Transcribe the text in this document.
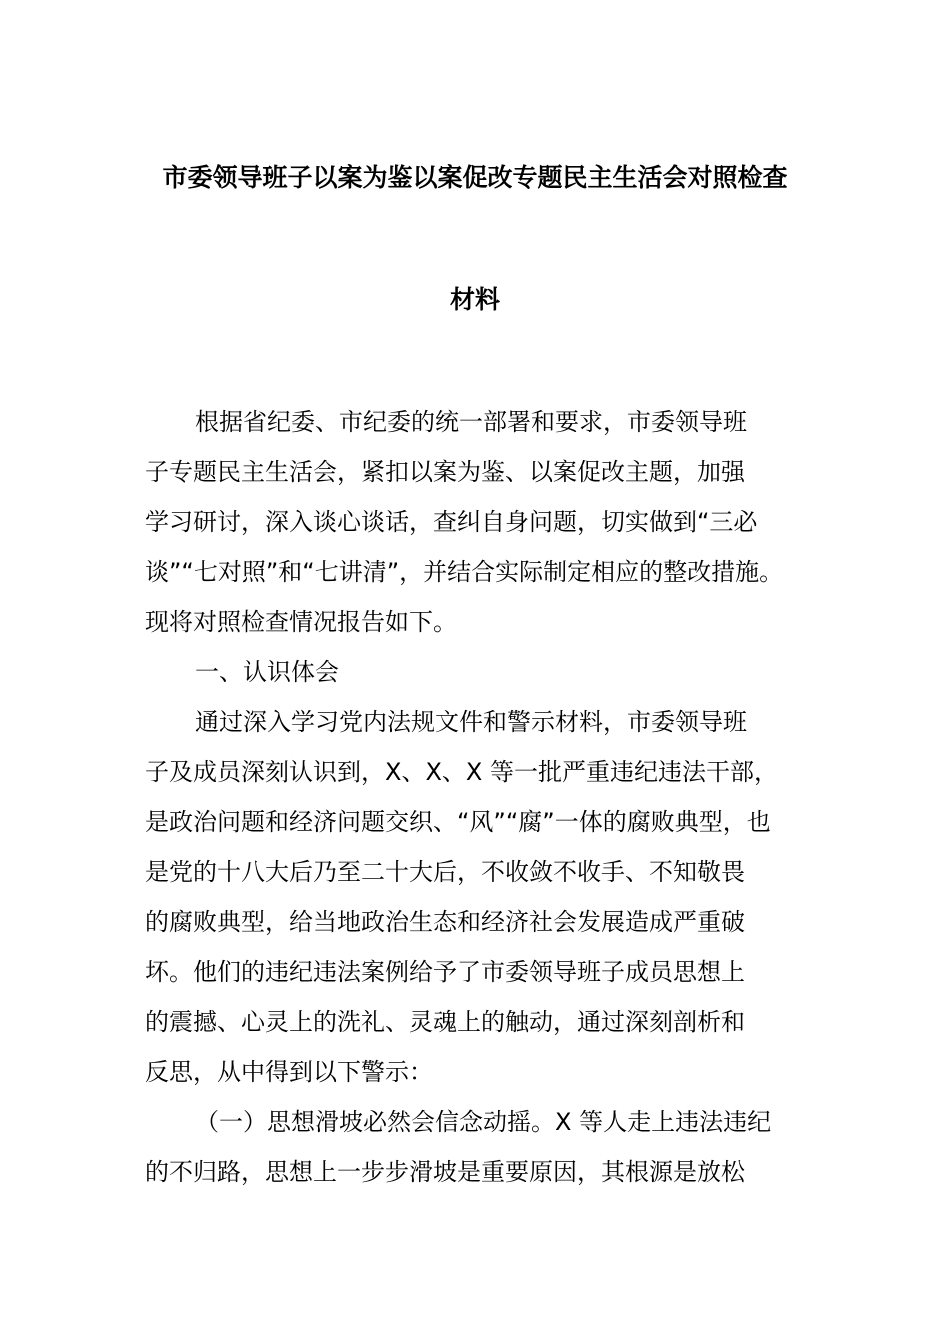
市委领导班子以案为鉴以案促改专题民主生活会对照检查
材料
根据省纪委、市纪委的统一部署和要求，市委领导班
子专题民主生活会，紧扣以案为鉴、以案促改主题，加强
学习研讨，深入谈心谈话，查纠自身问题，切实做到“三必
谈”“七对照”和“七讲清”，并结合实际制定相应的整改措施。
现将对照检查情况报告如下。
一、认识体会
通过深入学习党内法规文件和警示材料，市委领导班
子及成员深刻认识到，X、X、X 等一批严重违纪违法干部，
是政治问题和经济问题交织、“风”“腐”一体的腐败典型，也
是党的十八大后乃至二十大后，不收敛不收手、不知敬畏
的腐败典型，给当地政治生态和经济社会发展造成严重破
坏。他们的违纪违法案例给予了市委领导班子成员思想上
的震撼、心灵上的洗礼、灵魂上的触动，通过深刻剖析和
反思，从中得到以下警示：
（一）思想滑坡必然会信念动摇。X 等人走上违法违纪
的不归路，思想上一步步滑坡是重要原因，其根源是放松
